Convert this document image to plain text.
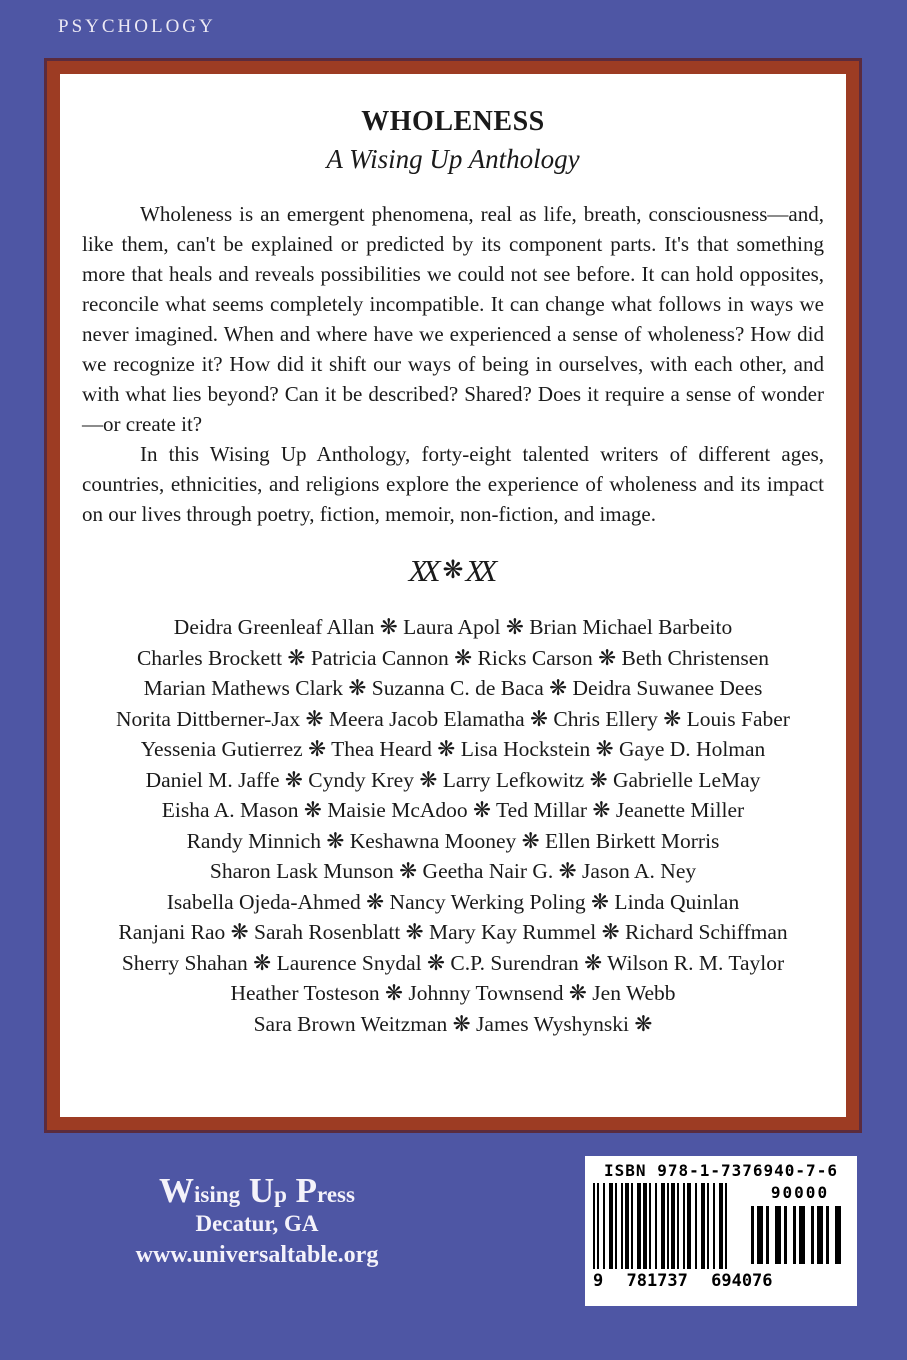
PSYCHOLOGY
WHOLENESS
A Wising Up Anthology

Wholeness is an emergent phenomena, real as life, breath, consciousness—and, like them, can't be explained or predicted by its component parts. It's that something more that heals and reveals possibilities we could not see before. It can hold opposites, reconcile what seems completely incompatible. It can change what follows in ways we never imagined. When and where have we experienced a sense of wholeness? How did we recognize it? How did it shift our ways of being in ourselves, with each other, and with what lies beyond? Can it be described? Shared? Does it require a sense of wonder—or create it?

In this Wising Up Anthology, forty-eight talented writers of different ages, countries, ethnicities, and religions explore the experience of wholeness and its impact on our lives through poetry, fiction, memoir, non-fiction, and image.

XX ❋XX
Deidra Greenleaf Allan ❋ Laura Apol ❋ Brian Michael Barbeito
Charles Brockett ❋ Patricia Cannon ❋ Ricks Carson ❋ Beth Christensen
Marian Mathews Clark ❋ Suzanna C. de Baca ❋ Deidra Suwanee Dees
Norita Dittberner-Jax ❋ Meera Jacob Elamatha ❋ Chris Ellery ❋ Louis Faber
Yessenia Gutierrez ❋ Thea Heard ❋ Lisa Hockstein ❋ Gaye D. Holman
Daniel M. Jaffe ❋ Cyndy Krey ❋ Larry Lefkowitz ❋ Gabrielle LeMay
Eisha A. Mason ❋ Maisie McAdoo ❋ Ted Millar ❋ Jeanette Miller
Randy Minnich ❋ Keshawna Mooney ❋ Ellen Birkett Morris
Sharon Lask Munson ❋ Geetha Nair G. ❋ Jason A. Ney
Isabella Ojeda-Ahmed ❋ Nancy Werking Poling ❋ Linda Quinlan
Ranjani Rao ❋ Sarah Rosenblatt ❋ Mary Kay Rummel ❋ Richard Schiffman
Sherry Shahan ❋ Laurence Snydal ❋ C.P. Surendran ❋ Wilson R. M. Taylor
Heather Tosteson ❋ Johnny Townsend ❋ Jen Webb
Sara Brown Weitzman ❋ James Wyshynski ❋
Wising Up Press
Decatur, GA
www.universaltable.org
ISBN 978-1-7376940-7-6
90000
9 781737 694076
